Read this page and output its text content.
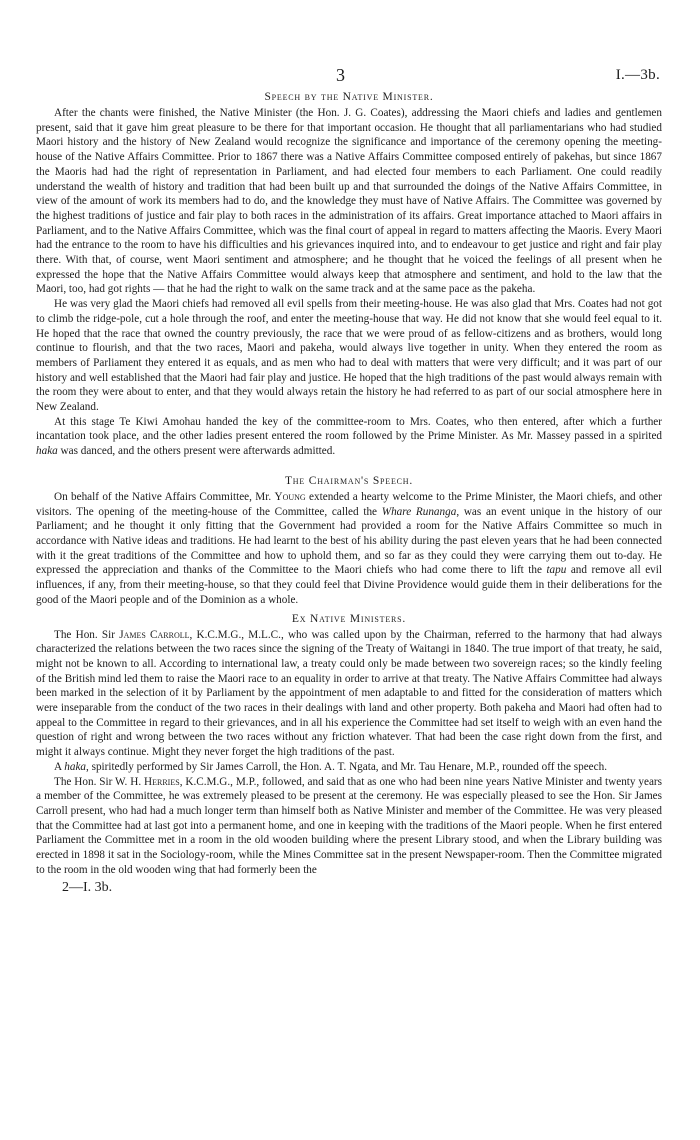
3	I.—3b.
Speech by the Native Minister.

After the chants were finished, the Native Minister (the Hon. J. G. Coates), addressing the Maori chiefs and ladies and gentlemen present, said that it gave him great pleasure to be there for that important occasion. He thought that all parliamentarians who had studied Maori history and the history of New Zealand would recognize the significance and importance of the ceremony opening the meeting-house of the Native Affairs Committee. Prior to 1867 there was a Native Affairs Committee composed entirely of pakehas, but since 1867 the Maoris had had the right of representation in Parliament, and had elected four members to each Parliament. One could readily understand the wealth of history and tradition that had been built up and that surrounded the doings of the Native Affairs Committee, in view of the amount of work its members had to do, and the knowledge they must have of Native Affairs. The Committee was governed by the highest traditions of justice and fair play to both races in the administration of its affairs. Great importance attached to Maori affairs in Parliament, and to the Native Affairs Committee, which was the final court of appeal in regard to matters affecting the Maoris. Every Maori had the entrance to the room to have his difficulties and his grievances inquired into, and to endeavour to get justice and right and fair play there. With that, of course, went Maori sentiment and atmosphere; and he thought that he voiced the feelings of all present when he expressed the hope that the Native Affairs Committee would always keep that atmosphere and sentiment, and hold to the law that the Maori, too, had got rights — that he had the right to walk on the same track and at the same pace as the pakeha.

He was very glad the Maori chiefs had removed all evil spells from their meeting-house. He was also glad that Mrs. Coates had not got to climb the ridge-pole, cut a hole through the roof, and enter the meeting-house that way. He did not know that she would feel equal to it. He hoped that the race that owned the country previously, the race that we were proud of as fellow-citizens and as brothers, would long continue to flourish, and that the two races, Maori and pakeha, would always live together in unity. When they entered the room as members of Parliament they entered it as equals, and as men who had to deal with matters that were very difficult; and it was part of our history and well established that the Maori had fair play and justice. He hoped that the high traditions of the past would always remain with the room they were about to enter, and that they would always retain the history he had referred to as part of our social atmosphere here in New Zealand.

At this stage Te Kiwi Amohau handed the key of the committee-room to Mrs. Coates, who then entered, after which a further incantation took place, and the other ladies present entered the room followed by the Prime Minister. As Mr. Massey passed in a spirited haka was danced, and the others present were afterwards admitted.

The Chairman's Speech.

On behalf of the Native Affairs Committee, Mr. Young extended a hearty welcome to the Prime Minister, the Maori chiefs, and other visitors. The opening of the meeting-house of the Committee, called the Whare Runanga, was an event unique in the history of our Parliament; and he thought it only fitting that the Government had provided a room for the Native Affairs Committee so much in accordance with Native ideas and traditions. He had learnt to the best of his ability during the past eleven years that he had been connected with it the great traditions of the Committee and how to uphold them, and so far as they could they were carrying them out to-day. He expressed the appreciation and thanks of the Committee to the Maori chiefs who had come there to lift the tapu and remove all evil influences, if any, from their meeting-house, so that they could feel that Divine Providence would guide them in their deliberations for the good of the Maori people and of the Dominion as a whole.

Ex Native Ministers.

The Hon. Sir James Carroll, K.C.M.G., M.L.C., who was called upon by the Chairman, referred to the harmony that had always characterized the relations between the two races since the signing of the Treaty of Waitangi in 1840. The true import of that treaty, he said, might not be known to all. According to international law, a treaty could only be made between two sovereign races; so the kindly feeling of the British mind led them to raise the Maori race to an equality in order to arrive at that treaty. The Native Affairs Committee had always been marked in the selection of it by Parliament by the appointment of men adaptable to and fitted for the consideration of matters which were inseparable from the conduct of the two races in their dealings with land and other property. Both pakeha and Maori had often had to appeal to the Committee in regard to their grievances, and in all his experience the Committee had set itself to weigh with an even hand the question of right and wrong between the two races without any friction whatever. That had been the case right down from the first, and might it always continue. Might they never forget the high traditions of the past.

A haka, spiritedly performed by Sir James Carroll, the Hon. A. T. Ngata, and Mr. Tau Henare, M.P., rounded off the speech.

The Hon. Sir W. H. Herries, K.C.M.G., M.P., followed, and said that as one who had been nine years Native Minister and twenty years a member of the Committee, he was extremely pleased to be present at the ceremony. He was especially pleased to see the Hon. Sir James Carroll present, who had had a much longer term than himself both as Native Minister and member of the Committee. He was very pleased that the Committee had at last got into a permanent home, and one in keeping with the traditions of the Maori people. When he first entered Parliament the Committee met in a room in the old wooden building where the present Library stood, and when the Library building was erected in 1898 it sat in the Sociology-room, while the Mines Committee sat in the present Newspaper-room. Then the Committee migrated to the room in the old wooden wing that had formerly been the

2—I. 3b.
